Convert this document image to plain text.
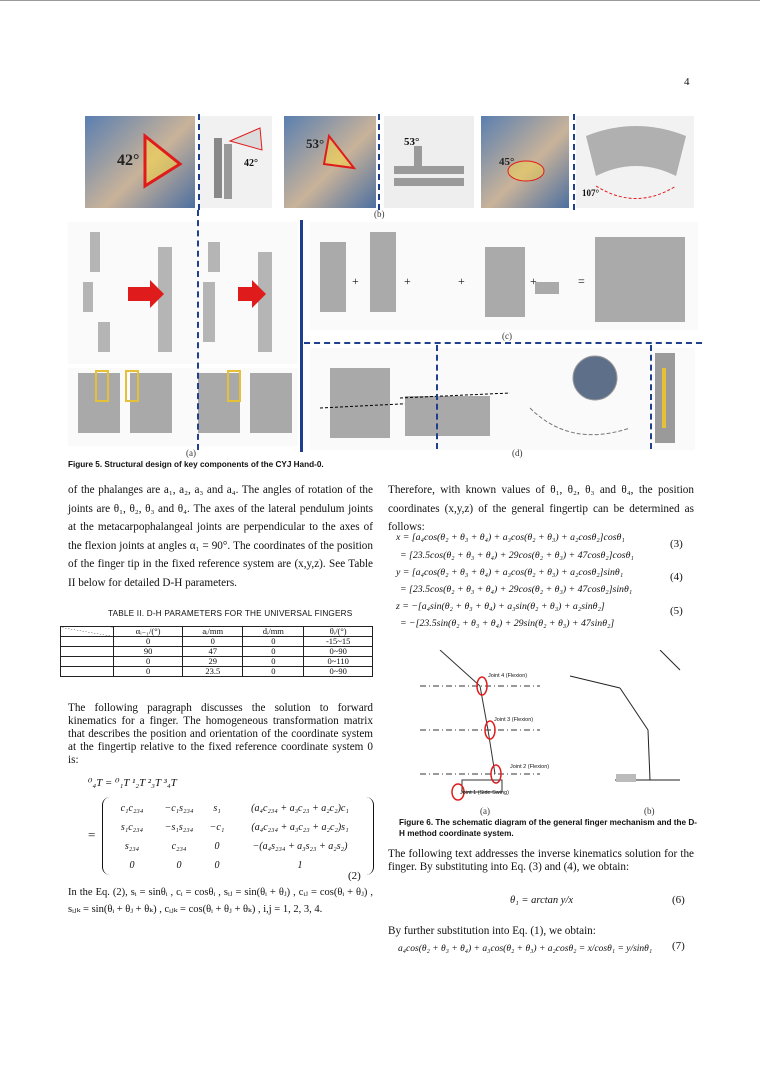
4
42°	42°
53°	53°
45°
107°
(b)
(a)
+	+	+	+	=
(c)
(d)
Figure 5. Structural design of key components of the CYJ Hand-0.
of the phalanges are a₁, a₂, a₃ and a₄. The angles of rotation of the joints are θ₁, θ₂, θ₃ and θ₄. The axes of the lateral pendulum joints at the metacarpophalangeal joints are perpendicular to the axes of the flexion joints at angles α₁ = 90°. The coordinates of the position of the finger tip in the fixed reference system are (x,y,z). See Table II below for detailed D-H parameters.
TABLE II. D-H PARAMETERS FOR THE UNIVERSAL FINGERS
	αᵢ₋₁/(°)	aᵢ/mm	dᵢ/mm	θᵢ/(°)
	0	0	0	-15~15
	90	47	0	0~90
	0	29	0	0~110
	0	23.5	0	0~90
The following paragraph discusses the solution to forward kinematics for a finger. The homogeneous transformation matrix that describes the position and orientation of the coordinate system at the fingertip relative to the fixed reference coordinate system 0 is:
⁰₄T = ⁰₁T ¹₂T ²₃T ³₄T
=
c₁c₂₃₄	−c₁s₂₃₄	s₁	(a₄c₂₃₄ + a₃c₂₃ + a₂c₂)c₁
s₁c₂₃₄	−s₁s₂₃₄	−c₁	(a₄c₂₃₄ + a₃c₂₃ + a₂c₂)s₁
s₂₃₄	c₂₃₄	0	−(a₄s₂₃₄ + a₃s₂₃ + a₂s₂)
0	0	0	1
(2)
In the Eq. (2), sᵢ = sinθᵢ , cᵢ = cosθᵢ , sᵢⱼ = sin(θᵢ + θⱼ) , cᵢⱼ = cos(θᵢ + θⱼ) , sᵢⱼₖ = sin(θᵢ + θⱼ + θₖ) , cᵢⱼₖ = cos(θᵢ + θⱼ + θₖ) , i,j = 1, 2, 3, 4.
Therefore, with known values of θ₁, θ₂, θ₃ and θ₄, the position coordinates (x,y,z) of the general fingertip can be determined as follows:
x = [a₄cos(θ₂ + θ₃ + θ₄) + a₃cos(θ₂ + θ₃) + a₂cosθ₂]cosθ₁
= [23.5cos(θ₂ + θ₃ + θ₄) + 29cos(θ₂ + θ₃) + 47cosθ₂]cosθ₁
y = [a₄cos(θ₂ + θ₃ + θ₄) + a₃cos(θ₂ + θ₃) + a₂cosθ₂]sinθ₁
= [23.5cos(θ₂ + θ₃ + θ₄) + 29cos(θ₂ + θ₃) + 47cosθ₂]sinθ₁
z = −[a₄sin(θ₂ + θ₃ + θ₄) + a₃sin(θ₂ + θ₃) + a₂sinθ₂]
= −[23.5sin(θ₂ + θ₃ + θ₄) + 29sin(θ₂ + θ₃) + 47sinθ₂]
(3)
(4)
(5)
Joint 4 (Flexion)
Joint 3 (Flexion)
Joint 2 (Flexion)
Joint 1 (Side Swing)
(a)	(b)
Figure 6. The schematic diagram of the general finger mechanism and the D-H method coordinate system.
The following text addresses the inverse kinematics solution for the finger. By substituting into Eq. (3) and (4), we obtain:
θ₁ = arctan y/x	(6)
By further substitution into Eq. (1), we obtain:
a₄cos(θ₂ + θ₃ + θ₄) + a₃cos(θ₂ + θ₃) + a₂cosθ₂ = x/cosθ₁ = y/sinθ₁ (7)
